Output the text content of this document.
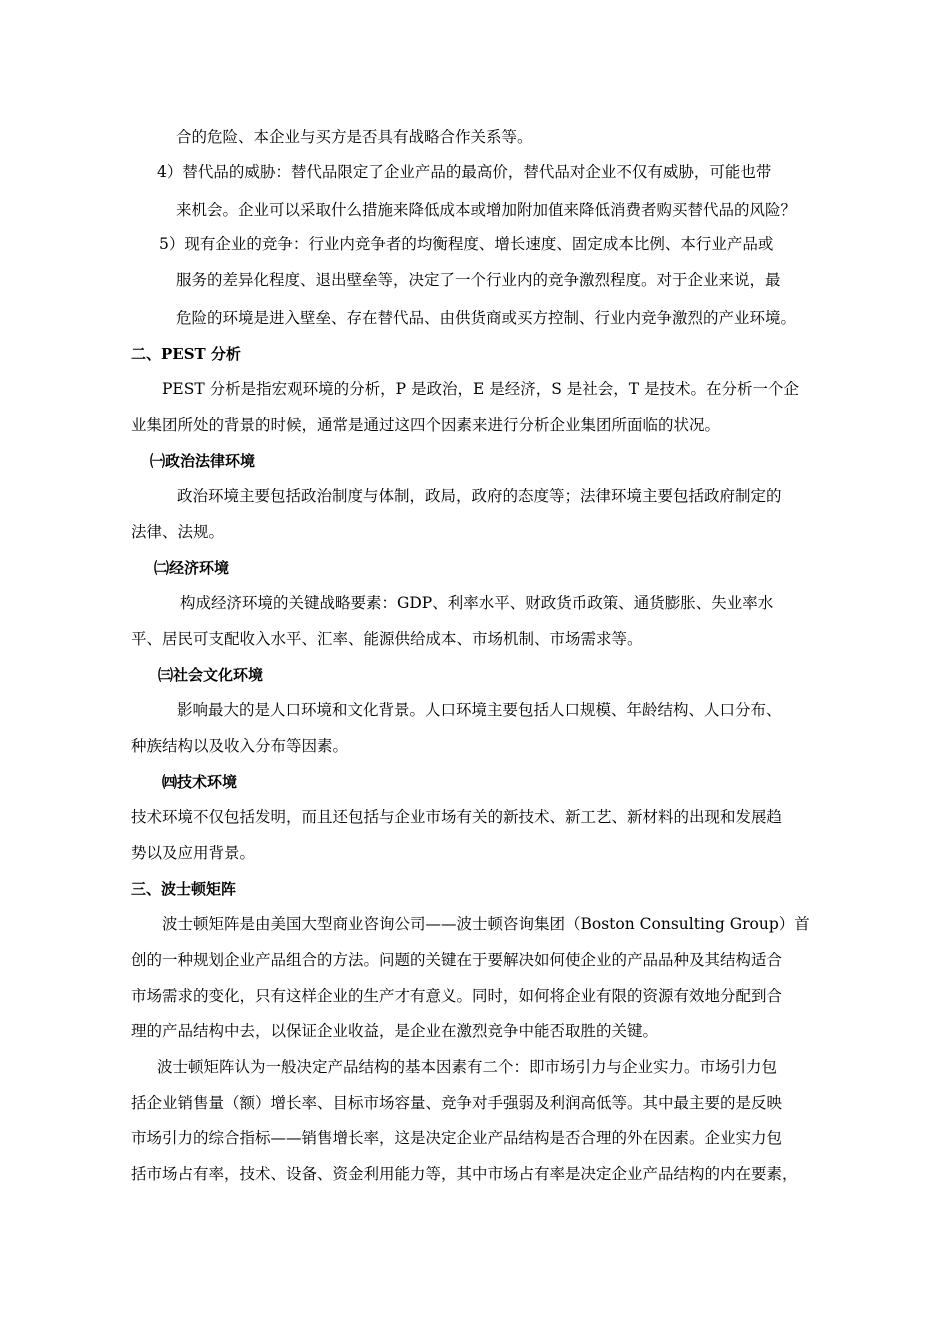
合的危险、本企业与买方是否具有战略合作关系等。
4）替代品的威胁：替代品限定了企业产品的最高价，替代品对企业不仅有威胁，可能也带
来机会。企业可以采取什么措施来降低成本或增加附加值来降低消费者购买替代品的风险？
5）现有企业的竞争：行业内竞争者的均衡程度、增长速度、固定成本比例、本行业产品或
服务的差异化程度、退出壁垒等，决定了一个行业内的竞争激烈程度。对于企业来说，最
危险的环境是进入壁垒、存在替代品、由供货商或买方控制、行业内竞争激烈的产业环境。
二、PEST 分析
PEST 分析是指宏观环境的分析，P 是政治，E 是经济，S 是社会，T 是技术。在分析一个企
业集团所处的背景的时候，通常是通过这四个因素来进行分析企业集团所面临的状况。
㈠政治法律环境
政治环境主要包括政治制度与体制，政局，政府的态度等；法律环境主要包括政府制定的
法律、法规。
㈡经济环境
构成经济环境的关键战略要素：GDP、利率水平、财政货币政策、通货膨胀、失业率水
平、居民可支配收入水平、汇率、能源供给成本、市场机制、市场需求等。
㈢社会文化环境
影响最大的是人口环境和文化背景。人口环境主要包括人口规模、年龄结构、人口分布、
种族结构以及收入分布等因素。
㈣技术环境
技术环境不仅包括发明，而且还包括与企业市场有关的新技术、新工艺、新材料的出现和发展趋
势以及应用背景。
三、波士顿矩阵
波士顿矩阵是由美国大型商业咨询公司——波士顿咨询集团（Boston Consulting Group）首
创的一种规划企业产品组合的方法。问题的关键在于要解决如何使企业的产品品种及其结构适合
市场需求的变化，只有这样企业的生产才有意义。同时，如何将企业有限的资源有效地分配到合
理的产品结构中去，以保证企业收益，是企业在激烈竞争中能否取胜的关键。
波士顿矩阵认为一般决定产品结构的基本因素有二个：即市场引力与企业实力。市场引力包
括企业销售量（额）增长率、目标市场容量、竞争对手强弱及利润高低等。其中最主要的是反映
市场引力的综合指标——销售增长率，这是决定企业产品结构是否合理的外在因素。企业实力包
括市场占有率，技术、设备、资金利用能力等，其中市场占有率是决定企业产品结构的内在要素，
